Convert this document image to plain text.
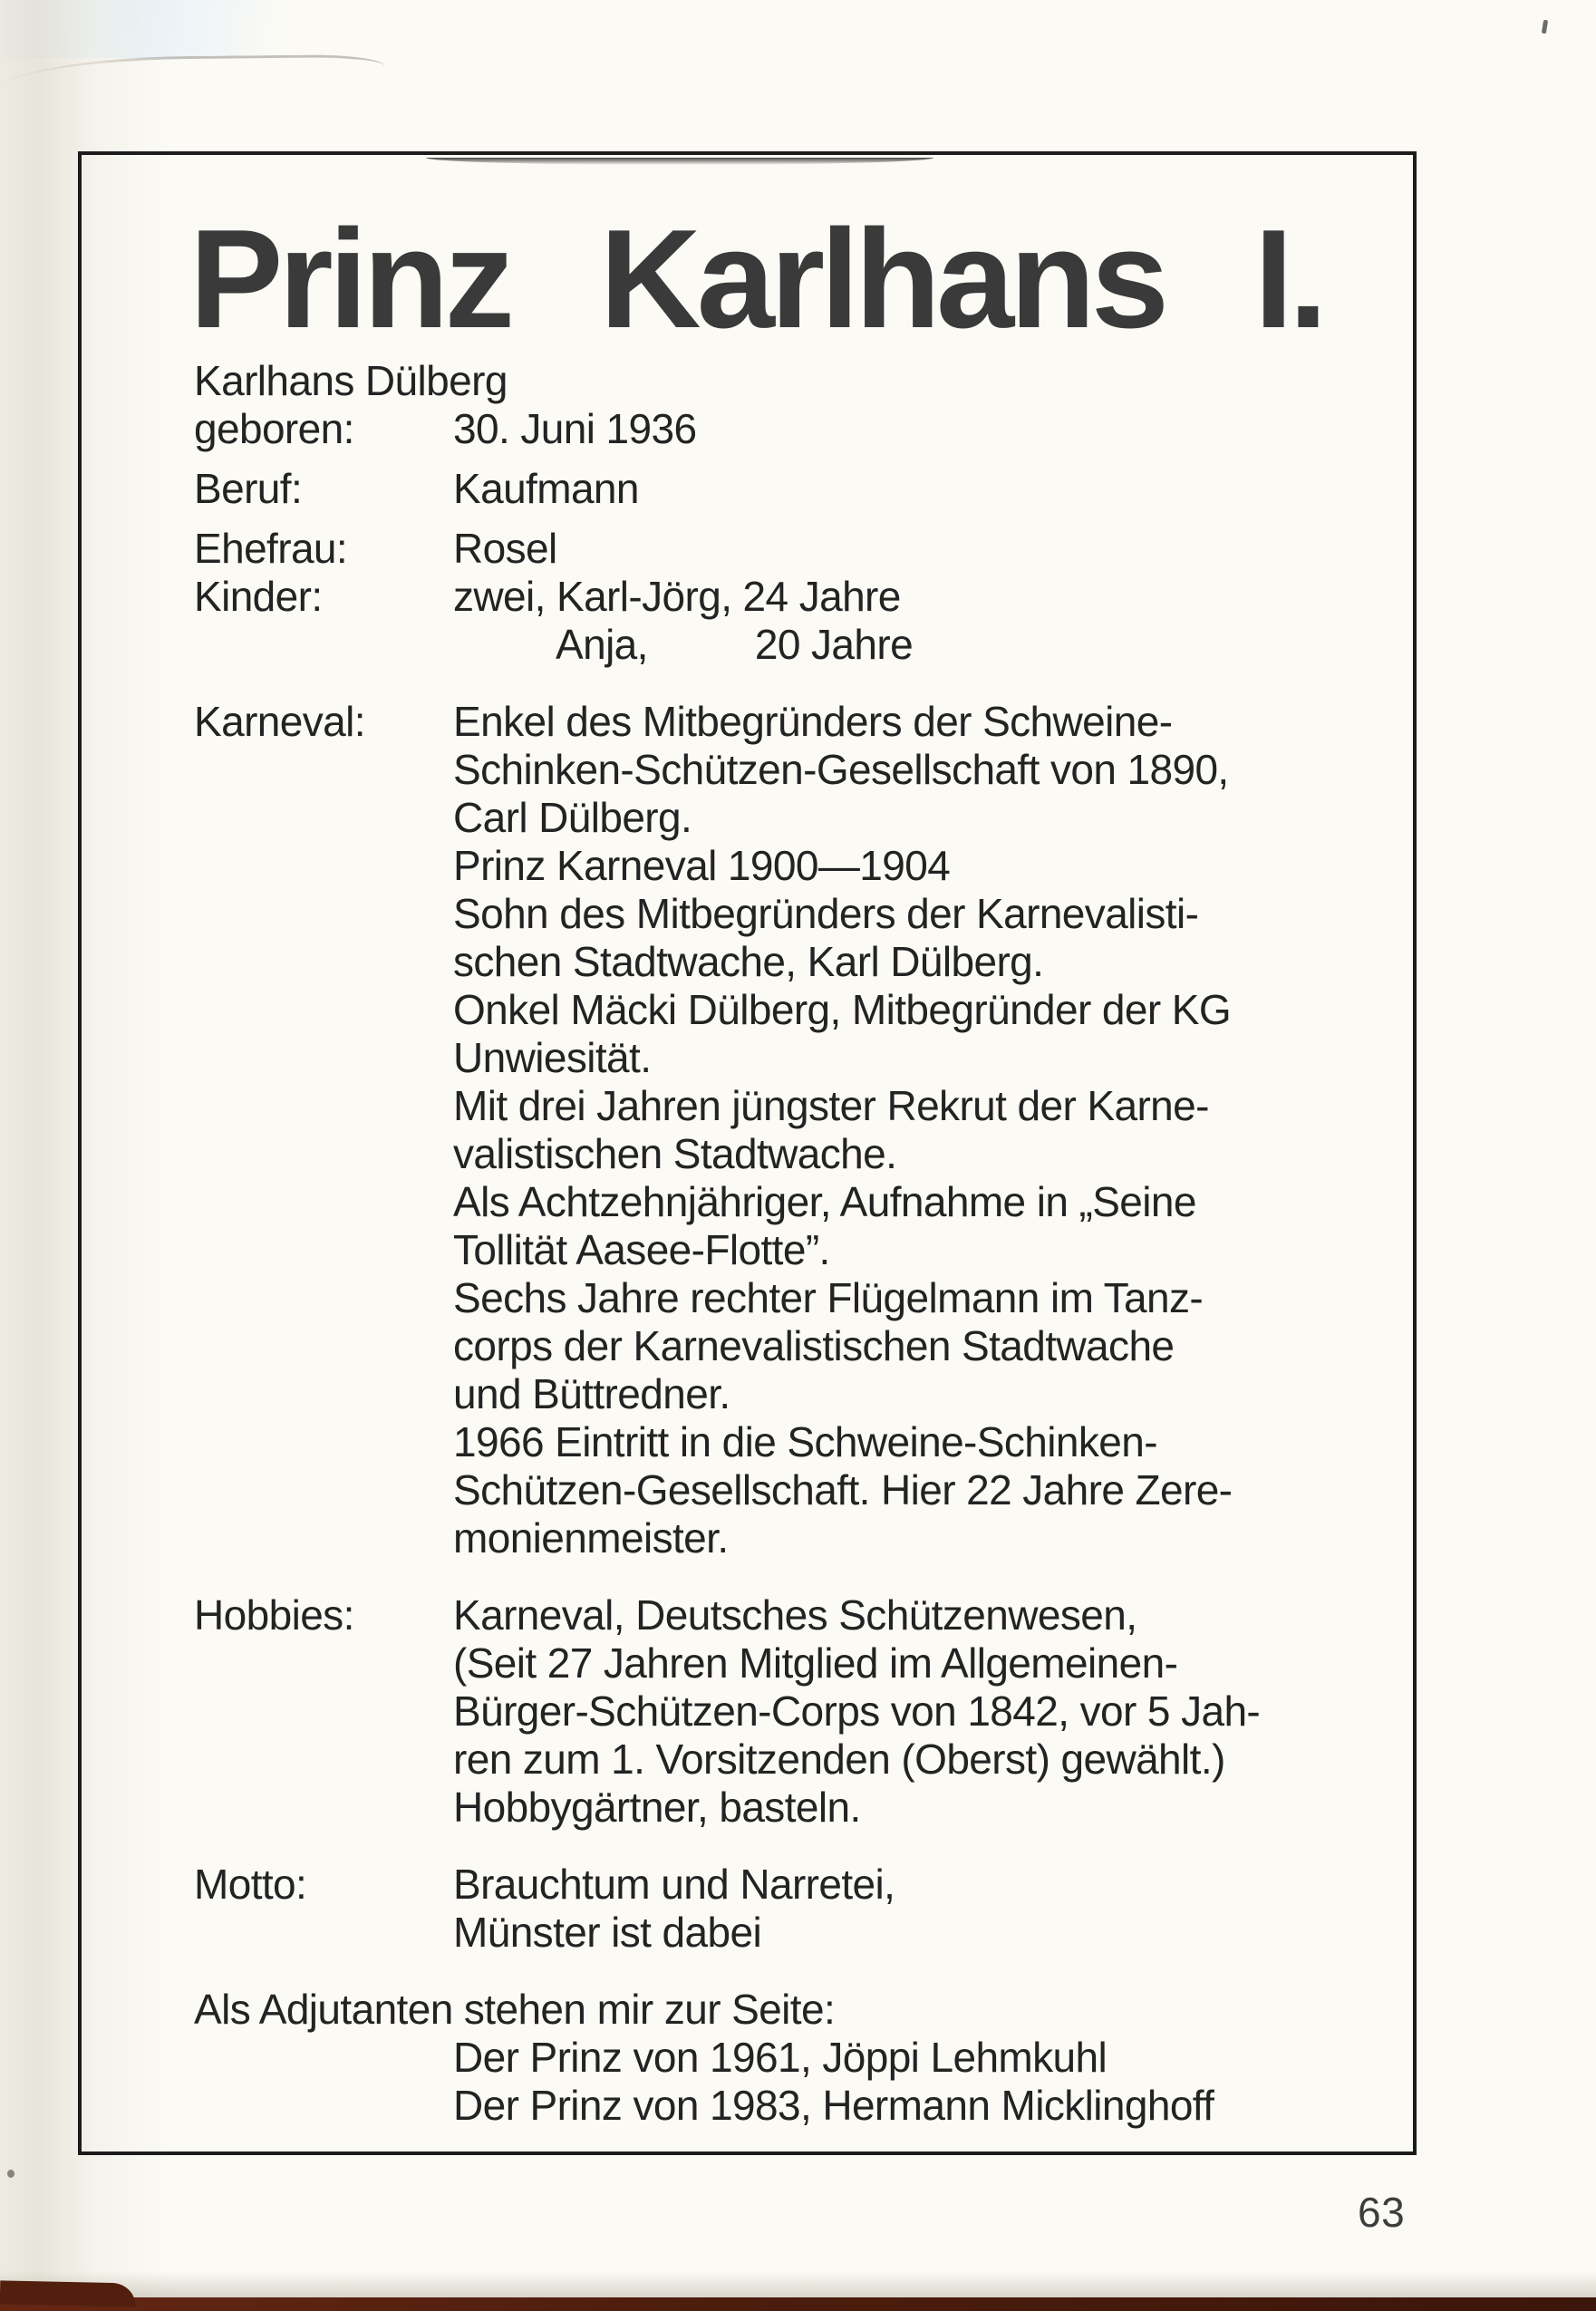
Prinz Karlhans I.
Karlhans Dülberg
geboren:	30. Juni 1936
Beruf:	Kaufmann
Ehefrau:	Rosel
Kinder:	zwei, Karl-Jörg, 24 Jahre
Anja,	20 Jahre
Karneval:	Enkel des Mitbegründers der Schweine-
Schinken-Schützen-Gesellschaft von 1890,
Carl Dülberg.
Prinz Karneval 1900—1904
Sohn des Mitbegründers der Karnevalisti-
schen Stadtwache, Karl Dülberg.
Onkel Mäcki Dülberg, Mitbegründer der KG
Unwiesität.
Mit drei Jahren jüngster Rekrut der Karne-
valistischen Stadtwache.
Als Achtzehnjähriger, Aufnahme in „Seine
Tollität Aasee-Flotte”.
Sechs Jahre rechter Flügelmann im Tanz-
corps der Karnevalistischen Stadtwache
und Büttredner.
1966 Eintritt in die Schweine-Schinken-
Schützen-Gesellschaft. Hier 22 Jahre Zere-
monienmeister.
Hobbies:	Karneval, Deutsches Schützenwesen,
(Seit 27 Jahren Mitglied im Allgemeinen-
Bürger-Schützen-Corps von 1842, vor 5 Jah-
ren zum 1. Vorsitzenden (Oberst) gewählt.)
Hobbygärtner, basteln.
Motto:	Brauchtum und Narretei,
Münster ist dabei
Als Adjutanten stehen mir zur Seite:
Der Prinz von 1961, Jöppi Lehmkuhl
Der Prinz von 1983, Hermann Micklinghoff
63
